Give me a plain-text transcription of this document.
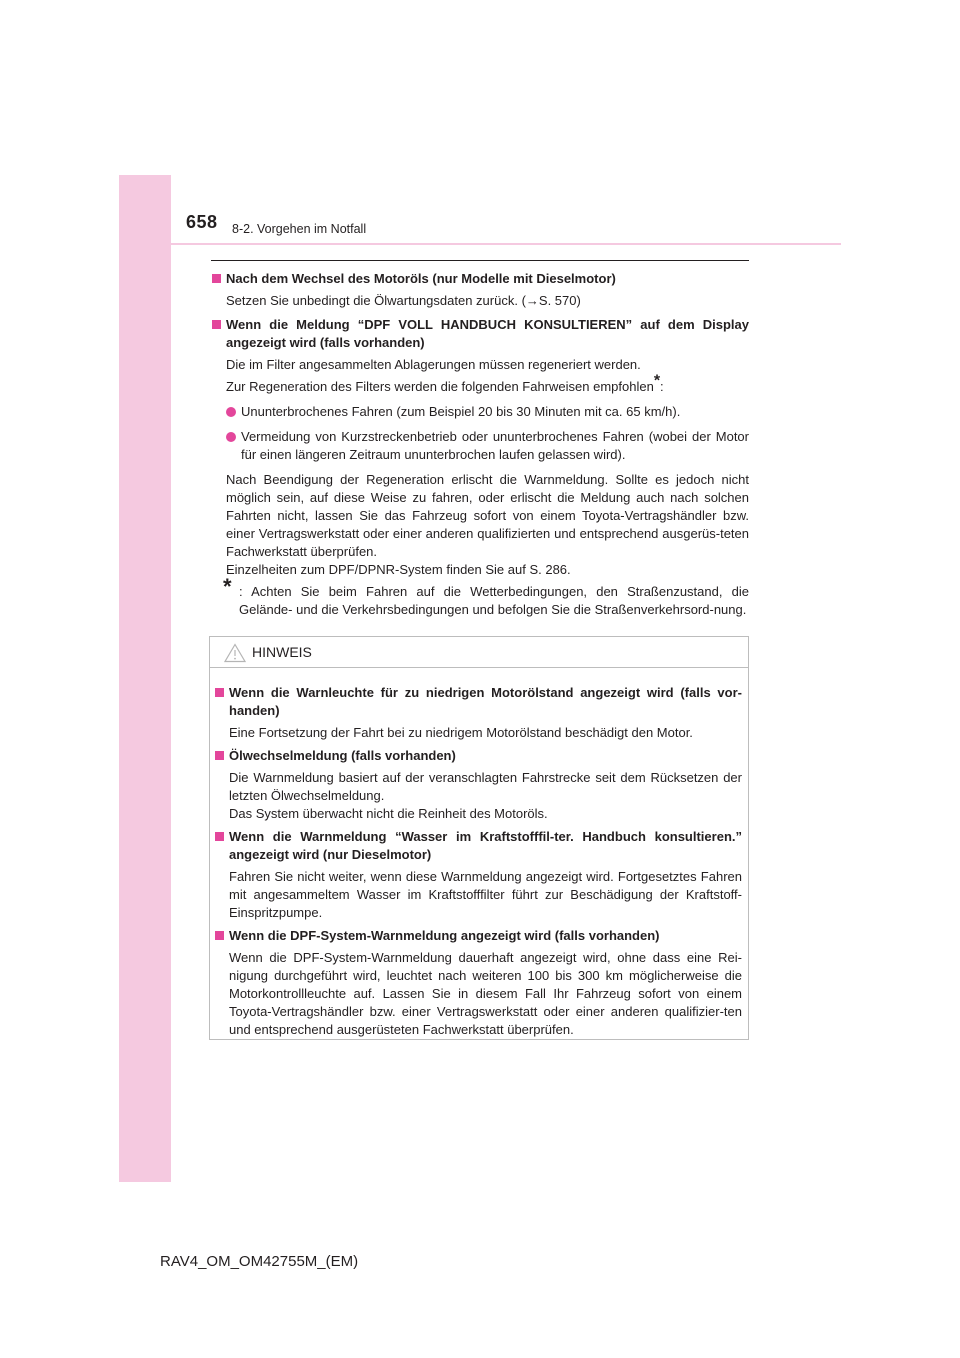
658 8-2. Vorgehen im Notfall
Nach dem Wechsel des Motoröls (nur Modelle mit Dieselmotor)
Setzen Sie unbedingt die Ölwartungsdaten zurück. (→S. 570)
Wenn die Meldung “DPF VOLL HANDBUCH KONSULTIEREN” auf dem Display angezeigt wird (falls vorhanden)
Die im Filter angesammelten Ablagerungen müssen regeneriert werden.
Zur Regeneration des Filters werden die folgenden Fahrweisen empfohlen*:
Ununterbrochenes Fahren (zum Beispiel 20 bis 30 Minuten mit ca. 65 km/h).
Vermeidung von Kurzstreckenbetrieb oder ununterbrochenes Fahren (wobei der Motor für einen längeren Zeitraum ununterbrochen laufen gelassen wird).
Nach Beendigung der Regeneration erlischt die Warnmeldung. Sollte es jedoch nicht möglich sein, auf diese Weise zu fahren, oder erlischt die Meldung auch nach solchen Fahrten nicht, lassen Sie das Fahrzeug sofort von einem Toyota-Vertragshändler bzw. einer Vertragswerkstatt oder einer anderen qualifizierten und entsprechend ausgerüs-teten Fachwerkstatt überprüfen.
Einzelheiten zum DPF/DPNR-System finden Sie auf S. 286.
* : Achten Sie beim Fahren auf die Wetterbedingungen, den Straßenzustand, die Gelände- und die Verkehrsbedingungen und befolgen Sie die Straßenverkehrsord-nung.
HINWEIS
Wenn die Warnleuchte für zu niedrigen Motorölstand angezeigt wird (falls vor-handen)
Eine Fortsetzung der Fahrt bei zu niedrigem Motorölstand beschädigt den Motor.
Ölwechselmeldung (falls vorhanden)
Die Warnmeldung basiert auf der veranschlagten Fahrstrecke seit dem Rücksetzen der letzten Ölwechselmeldung.
Das System überwacht nicht die Reinheit des Motoröls.
Wenn die Warnmeldung “Wasser im Kraftstofffil-ter. Handbuch konsultieren.” angezeigt wird (nur Dieselmotor)
Fahren Sie nicht weiter, wenn diese Warnmeldung angezeigt wird. Fortgesetztes Fahren mit angesammeltem Wasser im Kraftstofffilter führt zur Beschädigung der Kraftstoff-Einspritzpumpe.
Wenn die DPF-System-Warnmeldung angezeigt wird (falls vorhanden)
Wenn die DPF-System-Warnmeldung dauerhaft angezeigt wird, ohne dass eine Rei-nigung durchgeführt wird, leuchtet nach weiteren 100 bis 300 km möglicherweise die Motorkontrollleuchte auf. Lassen Sie in diesem Fall Ihr Fahrzeug sofort von einem Toyota-Vertragshändler bzw. einer Vertragswerkstatt oder einer anderen qualifizier-ten und entsprechend ausgerüsteten Fachwerkstatt überprüfen.
RAV4_OM_OM42755M_(EM)
